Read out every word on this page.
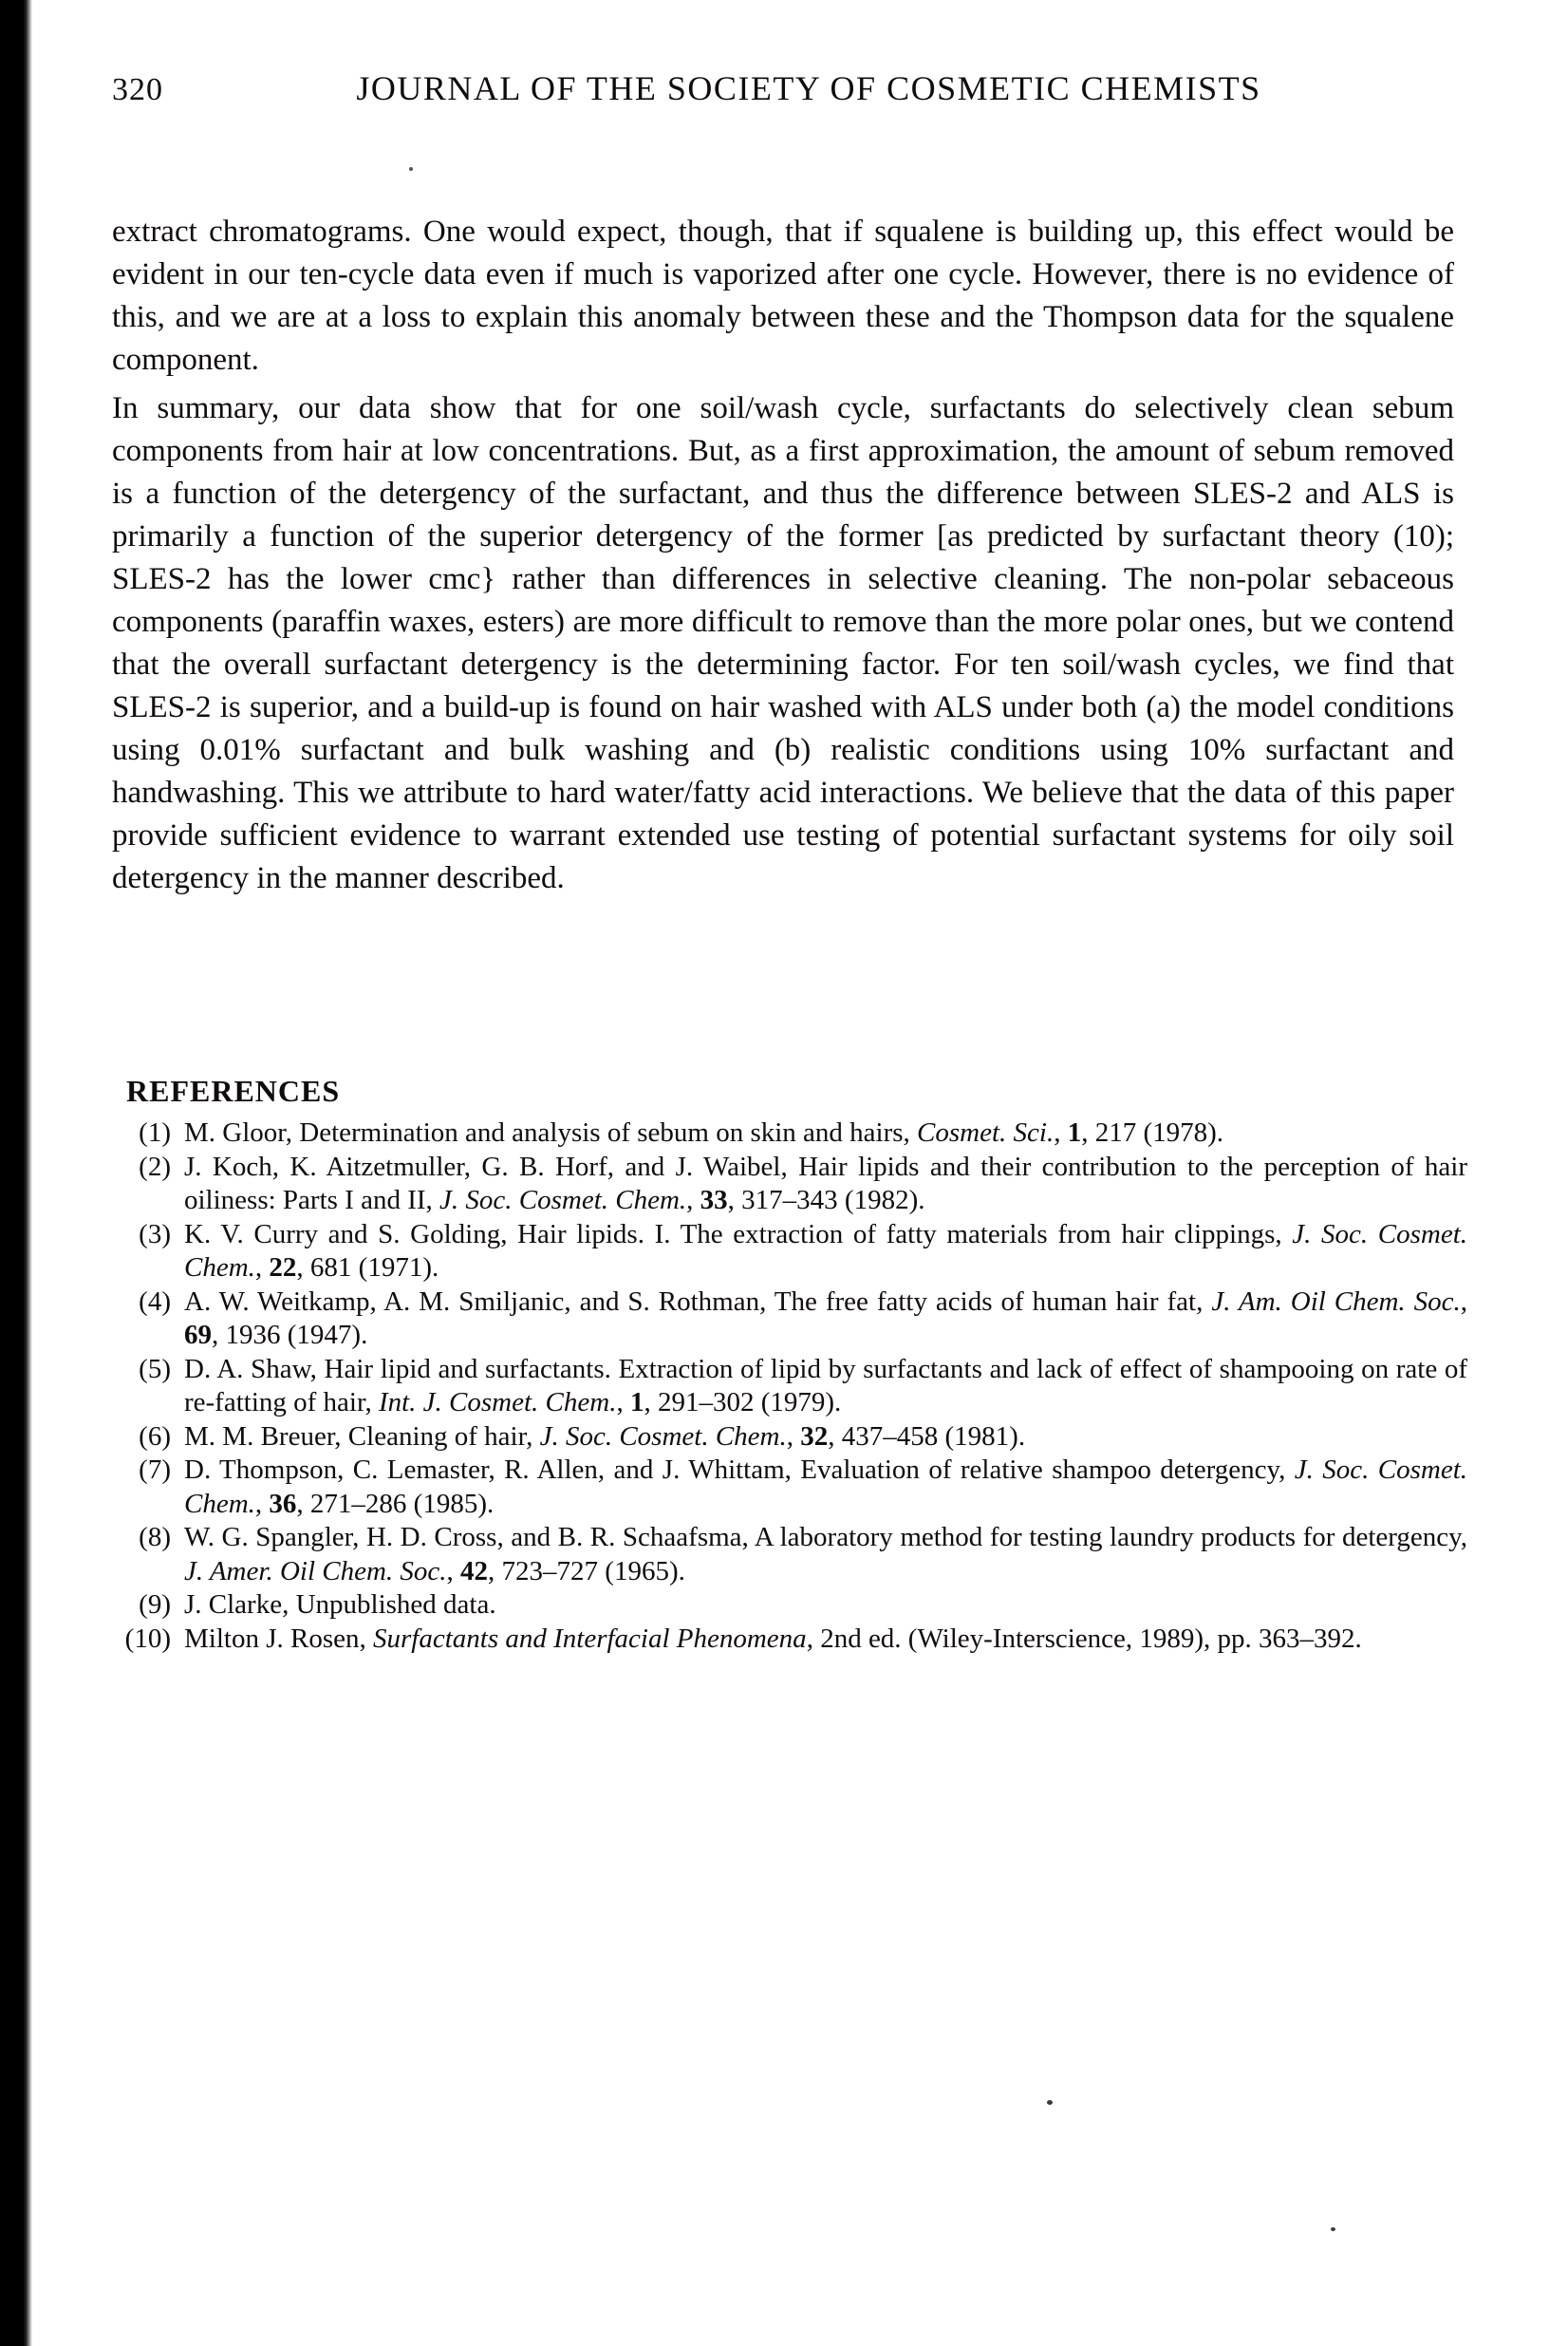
320	JOURNAL OF THE SOCIETY OF COSMETIC CHEMISTS

extract chromatograms. One would expect, though, that if squalene is building up, this effect would be evident in our ten-cycle data even if much is vaporized after one cycle. However, there is no evidence of this, and we are at a loss to explain this anomaly between these and the Thompson data for the squalene component.

In summary, our data show that for one soil/wash cycle, surfactants do selectively clean sebum components from hair at low concentrations. But, as a first approximation, the amount of sebum removed is a function of the detergency of the surfactant, and thus the difference between SLES-2 and ALS is primarily a function of the superior detergency of the former [as predicted by surfactant theory (10); SLES-2 has the lower cmc} rather than differences in selective cleaning. The non-polar sebaceous components (paraffin waxes, esters) are more difficult to remove than the more polar ones, but we contend that the overall surfactant detergency is the determining factor. For ten soil/wash cycles, we find that SLES-2 is superior, and a build-up is found on hair washed with ALS under both (a) the model conditions using 0.01% surfactant and bulk washing and (b) realistic conditions using 10% surfactant and handwashing. This we attribute to hard water/fatty acid interactions. We believe that the data of this paper provide sufficient evidence to warrant extended use testing of potential surfactant systems for oily soil detergency in the manner described.

REFERENCES
(1) M. Gloor, Determination and analysis of sebum on skin and hairs, Cosmet. Sci., 1, 217 (1978).
(2) J. Koch, K. Aitzetmuller, G. B. Horf, and J. Waibel, Hair lipids and their contribution to the perception of hair oiliness: Parts I and II, J. Soc. Cosmet. Chem., 33, 317–343 (1982).
(3) K. V. Curry and S. Golding, Hair lipids. I. The extraction of fatty materials from hair clippings, J. Soc. Cosmet. Chem., 22, 681 (1971).
(4) A. W. Weitkamp, A. M. Smiljanic, and S. Rothman, The free fatty acids of human hair fat, J. Am. Oil Chem. Soc., 69, 1936 (1947).
(5) D. A. Shaw, Hair lipid and surfactants. Extraction of lipid by surfactants and lack of effect of shampooing on rate of re-fatting of hair, Int. J. Cosmet. Chem., 1, 291–302 (1979).
(6) M. M. Breuer, Cleaning of hair, J. Soc. Cosmet. Chem., 32, 437–458 (1981).
(7) D. Thompson, C. Lemaster, R. Allen, and J. Whittam, Evaluation of relative shampoo detergency, J. Soc. Cosmet. Chem., 36, 271–286 (1985).
(8) W. G. Spangler, H. D. Cross, and B. R. Schaafsma, A laboratory method for testing laundry products for detergency, J. Amer. Oil Chem. Soc., 42, 723–727 (1965).
(9) J. Clarke, Unpublished data.
(10) Milton J. Rosen, Surfactants and Interfacial Phenomena, 2nd ed. (Wiley-Interscience, 1989), pp. 363–392.
